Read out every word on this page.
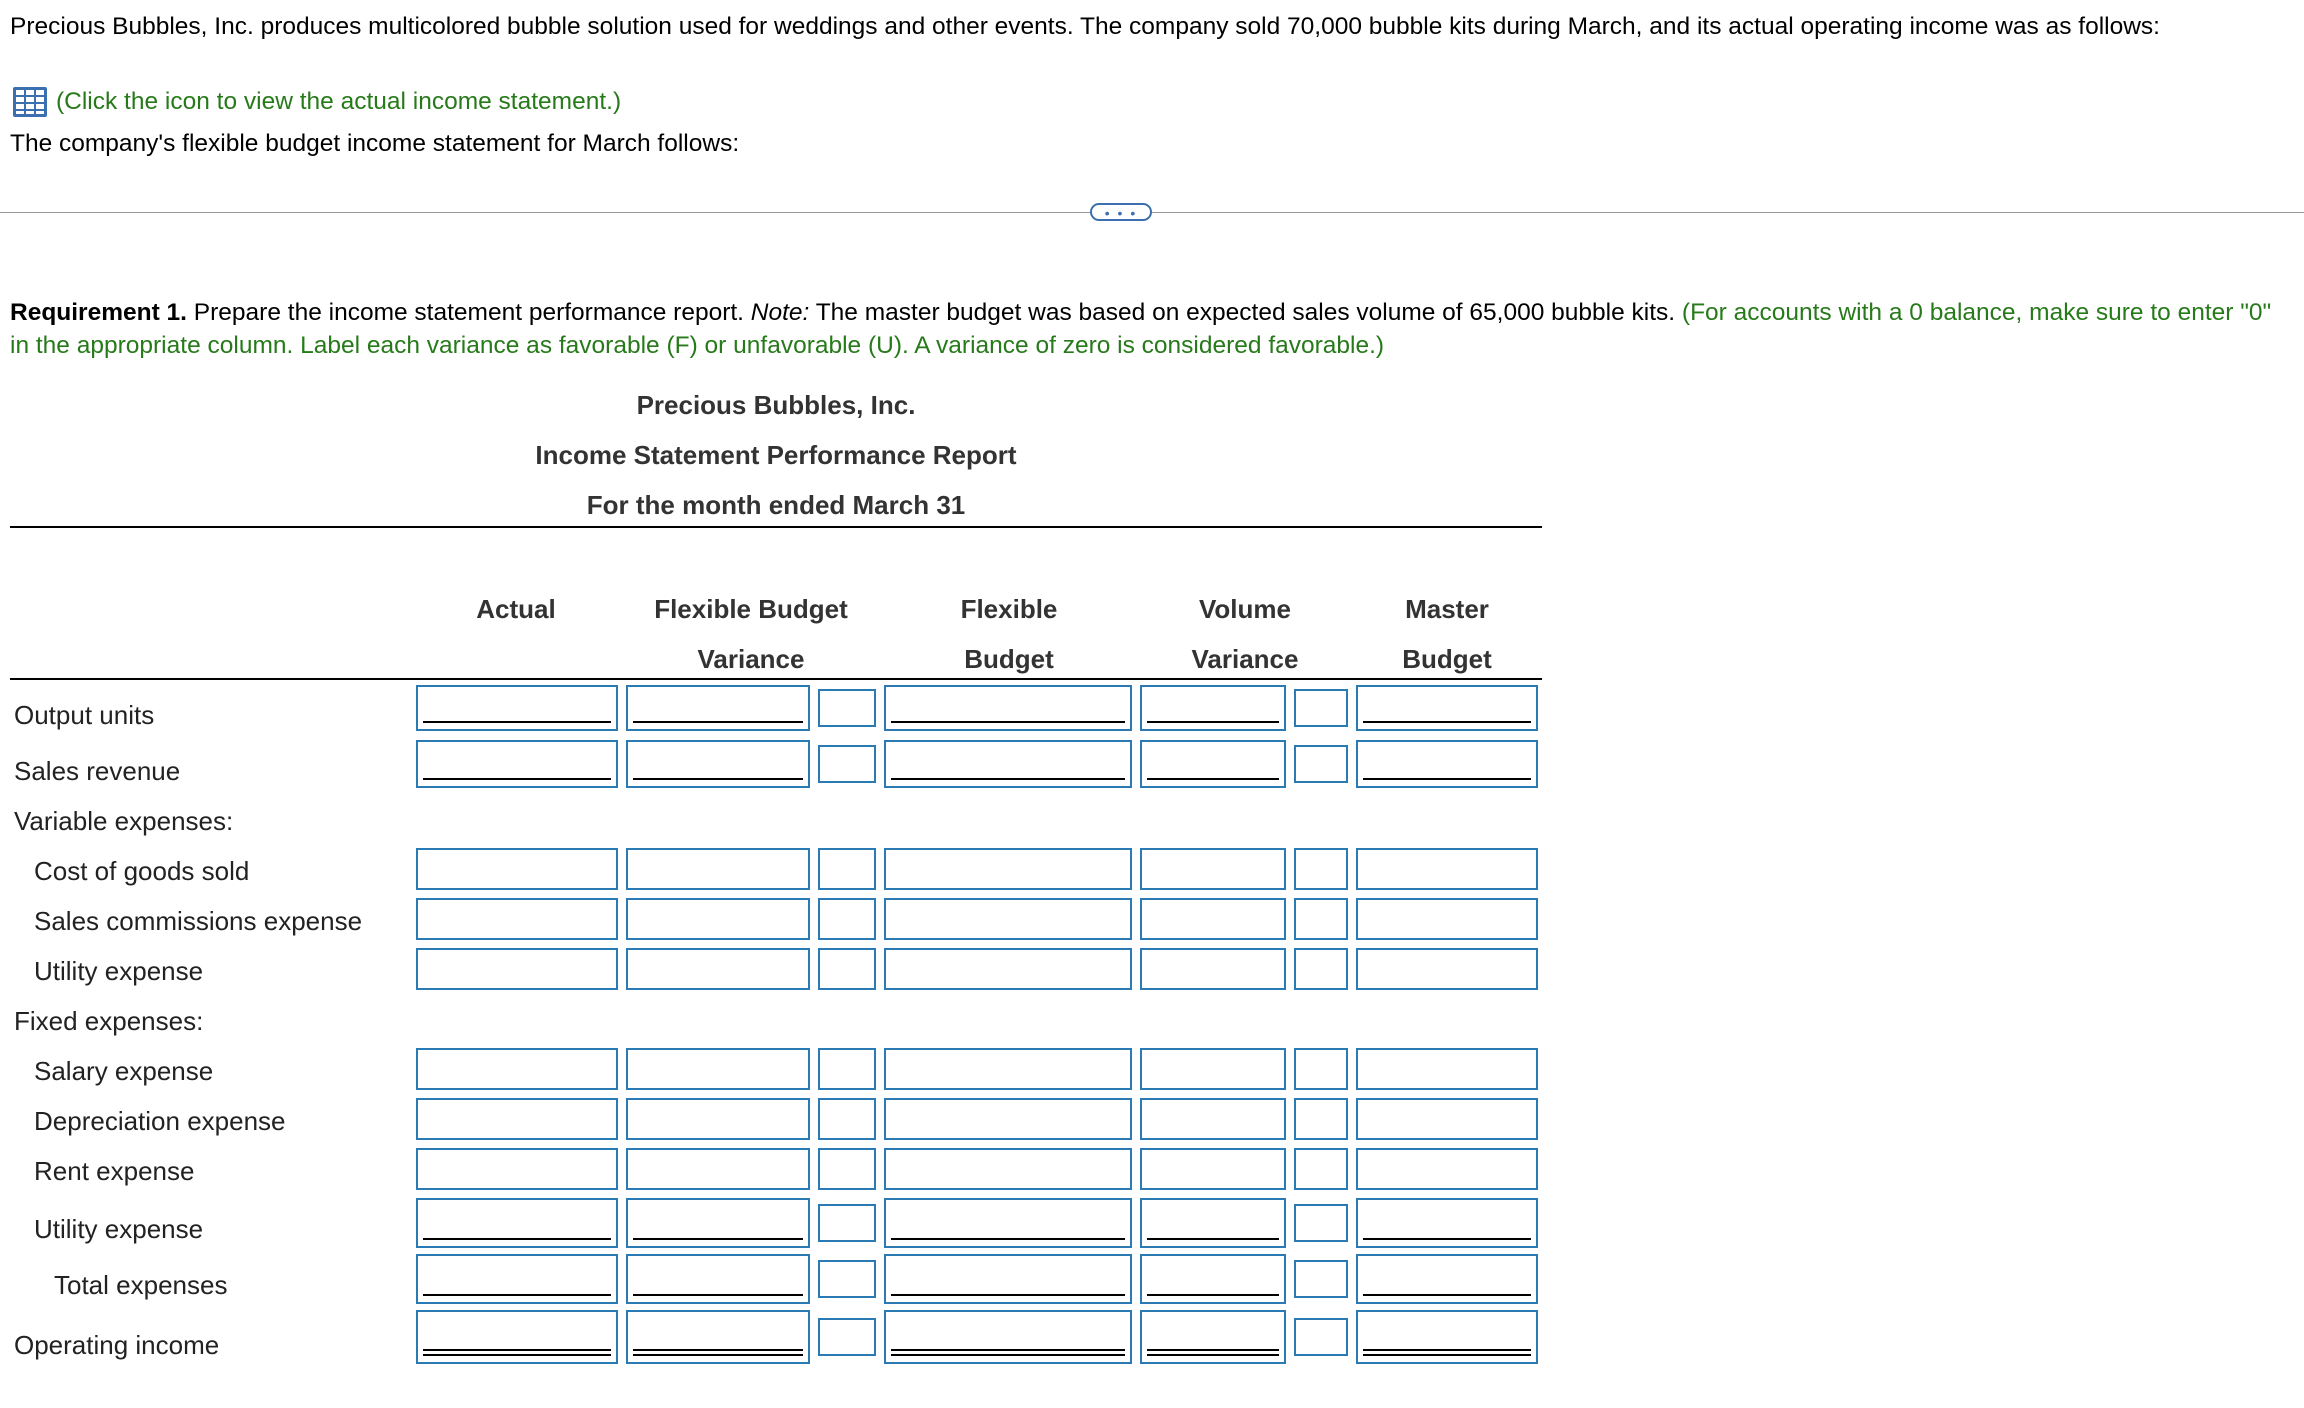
Precious Bubbles, Inc. produces multicolored bubble solution used for weddings and other events. The company sold 70,000 bubble kits during March, and its actual operating income was as follows:
(Click the icon to view the actual income statement.)
The company's flexible budget income statement for March follows:
• • •
Requirement 1. Prepare the income statement performance report. Note: The master budget was based on expected sales volume of 65,000 bubble kits. (For accounts with a 0 balance, make sure to enter "0" in the appropriate column. Label each variance as favorable (F) or unfavorable (U). A variance of zero is considered favorable.)
Precious Bubbles, Inc.
Income Statement Performance Report
For the month ended March 31
Actual	Flexible Budget
Variance
Flexible
Budget
Volume
Variance
Master
Budget
Output units
Sales revenue
Variable expenses:
Cost of goods sold
Sales commissions expense
Utility expense
Fixed expenses:
Salary expense
Depreciation expense
Rent expense
Utility expense
Total expenses
Operating income
